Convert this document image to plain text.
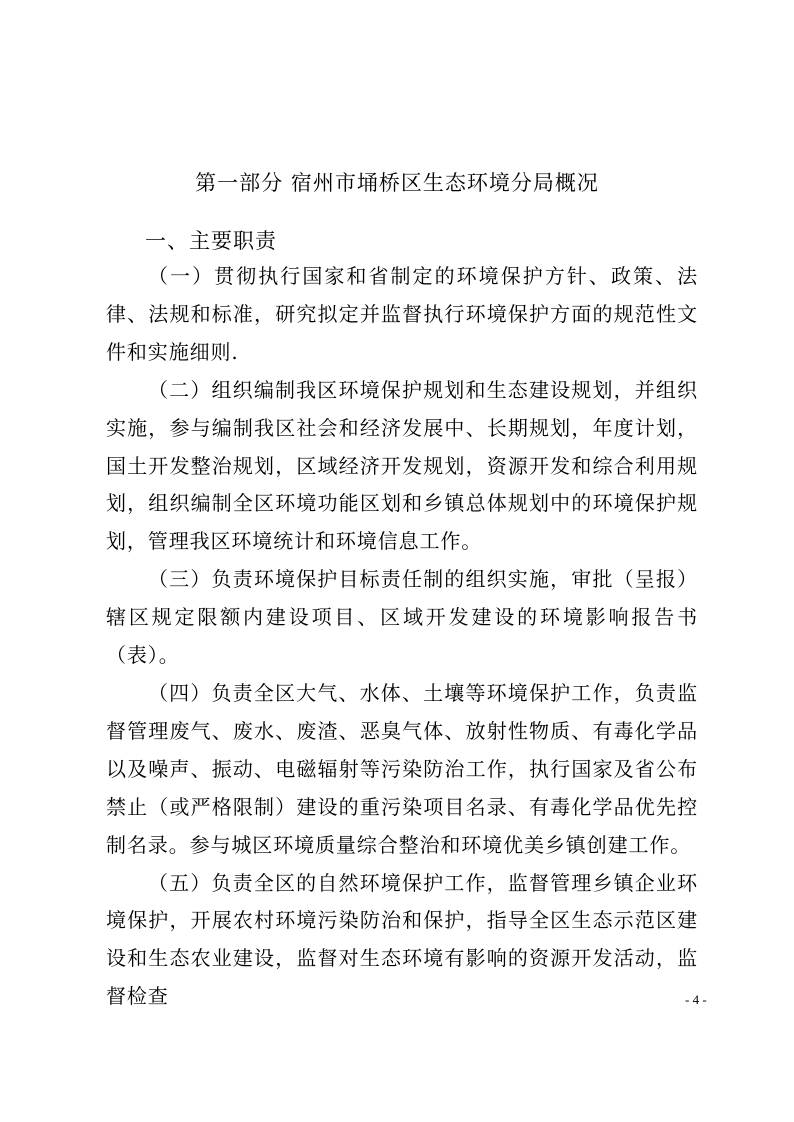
第一部分 宿州市埇桥区生态环境分局概况
一、主要职责

（一）贯彻执行国家和省制定的环境保护方针、政策、法律、法规和标准，研究拟定并监督执行环境保护方面的规范性文件和实施细则.

（二）组织编制我区环境保护规划和生态建设规划，并组织实施，参与编制我区社会和经济发展中、长期规划，年度计划，国土开发整治规划，区域经济开发规划，资源开发和综合利用规划，组织编制全区环境功能区划和乡镇总体规划中的环境保护规划，管理我区环境统计和环境信息工作。

（三）负责环境保护目标责任制的组织实施，审批（呈报）辖区规定限额内建设项目、区域开发建设的环境影响报告书（表）。

（四）负责全区大气、水体、土壤等环境保护工作，负责监督管理废气、废水、废渣、恶臭气体、放射性物质、有毒化学品以及噪声、振动、电磁辐射等污染防治工作，执行国家及省公布禁止（或严格限制）建设的重污染项目名录、有毒化学品优先控制名录。参与城区环境质量综合整治和环境优美乡镇创建工作。

（五）负责全区的自然环境保护工作，监督管理乡镇企业环境保护，开展农村环境污染防治和保护，指导全区生态示范区建设和生态农业建设，监督对生态环境有影响的资源开发活动，监督检查	- 4 -
